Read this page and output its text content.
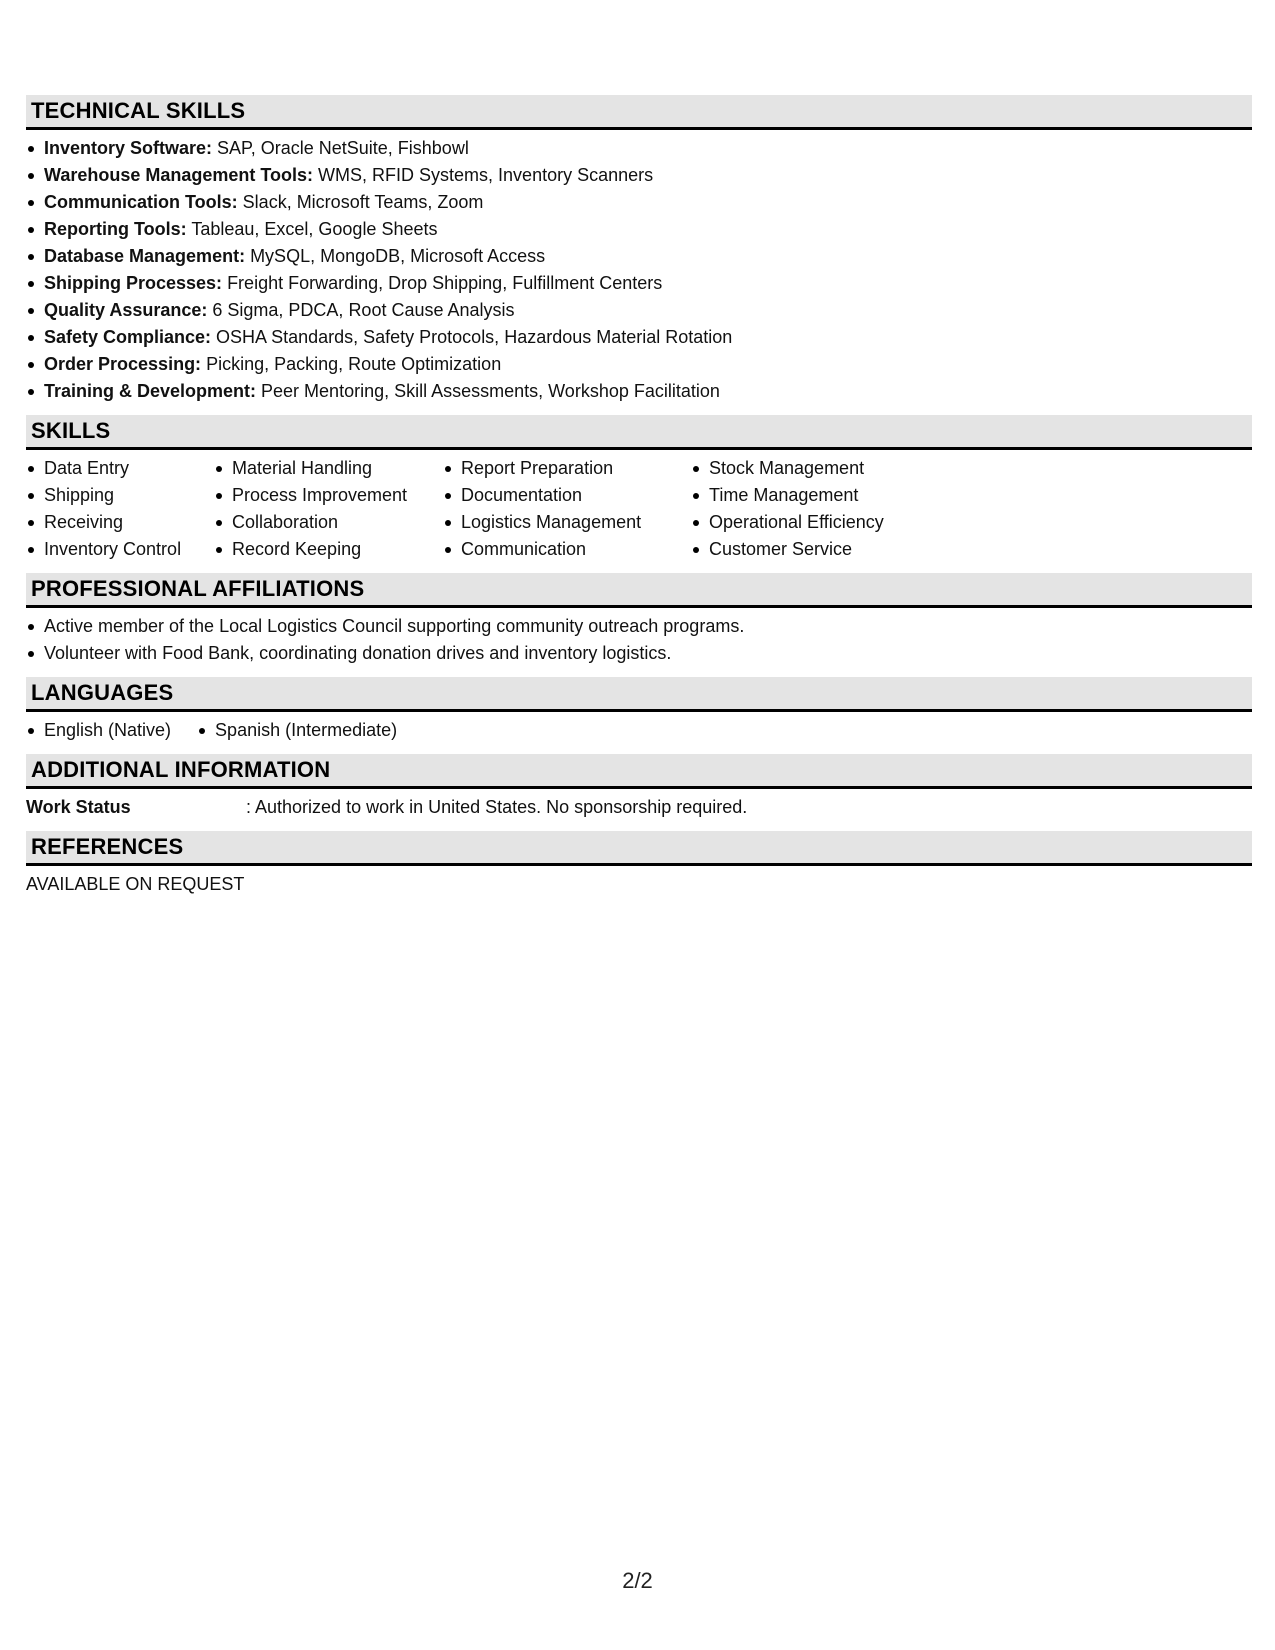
TECHNICAL SKILLS
Inventory Software: SAP, Oracle NetSuite, Fishbowl
Warehouse Management Tools: WMS, RFID Systems, Inventory Scanners
Communication Tools: Slack, Microsoft Teams, Zoom
Reporting Tools: Tableau, Excel, Google Sheets
Database Management: MySQL, MongoDB, Microsoft Access
Shipping Processes: Freight Forwarding, Drop Shipping, Fulfillment Centers
Quality Assurance: 6 Sigma, PDCA, Root Cause Analysis
Safety Compliance: OSHA Standards, Safety Protocols, Hazardous Material Rotation
Order Processing: Picking, Packing, Route Optimization
Training & Development: Peer Mentoring, Skill Assessments, Workshop Facilitation
SKILLS
Data Entry
Shipping
Receiving
Inventory Control
Material Handling
Process Improvement
Collaboration
Record Keeping
Report Preparation
Documentation
Logistics Management
Communication
Stock Management
Time Management
Operational Efficiency
Customer Service
PROFESSIONAL AFFILIATIONS
Active member of the Local Logistics Council supporting community outreach programs.
Volunteer with Food Bank, coordinating donation drives and inventory logistics.
LANGUAGES
English (Native) Spanish (Intermediate)
ADDITIONAL INFORMATION
Work Status	: Authorized to work in United States. No sponsorship required.
REFERENCES
AVAILABLE ON REQUEST
2/2
